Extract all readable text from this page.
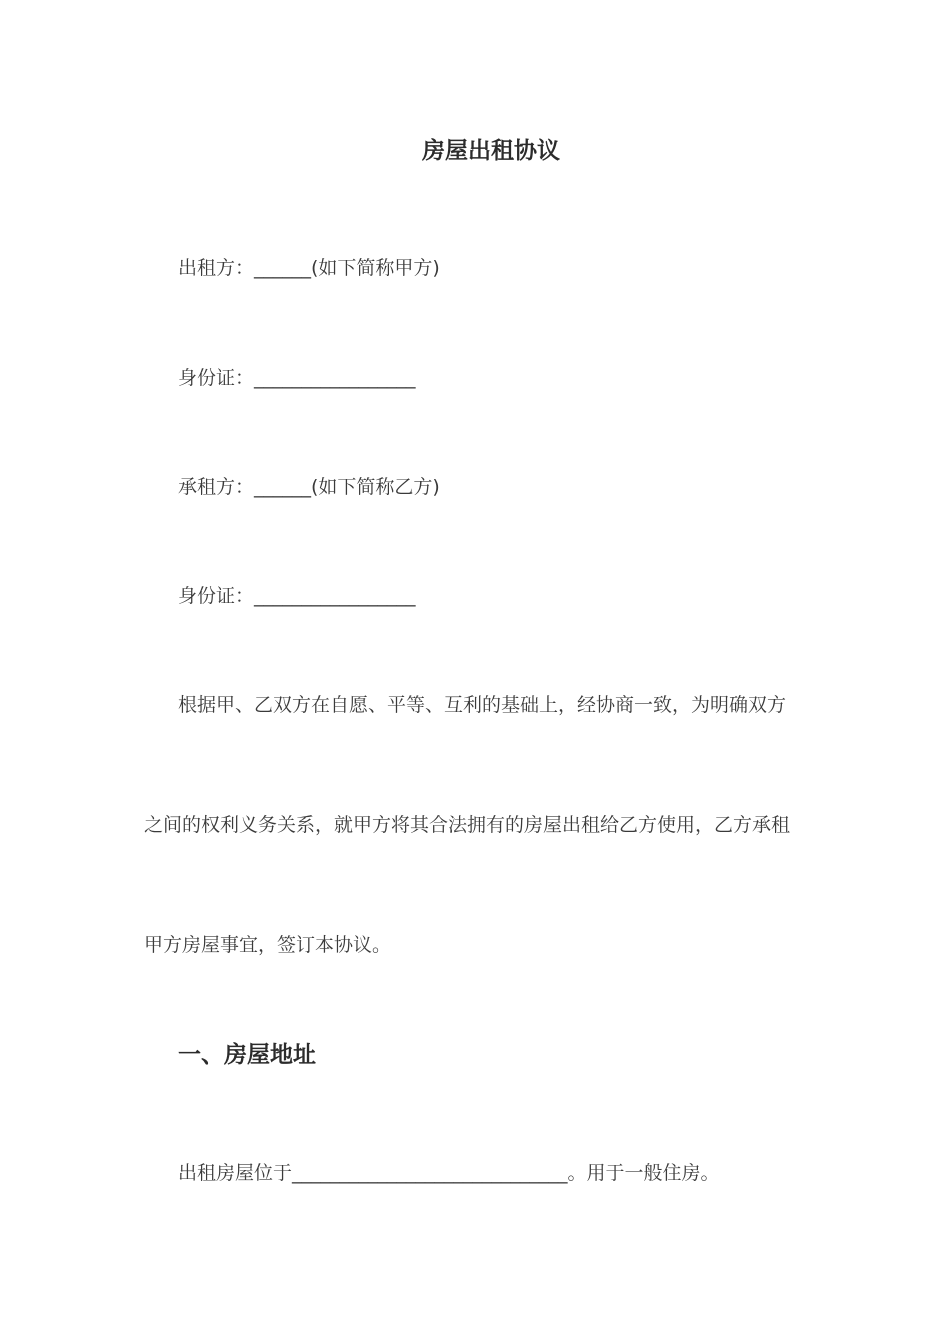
房屋出租协议
出租方：______(如下简称甲方)
身份证：_________________
承租方：______(如下简称乙方)
身份证：_________________
根据甲、乙双方在自愿、平等、互利的基础上，经协商一致，为明确双方
之间的权利义务关系，就甲方将其合法拥有的房屋出租给乙方使用，乙方承租
甲方房屋事宜，签订本协议。
一、房屋地址
出租房屋位于_____________________________。用于一般住房。
